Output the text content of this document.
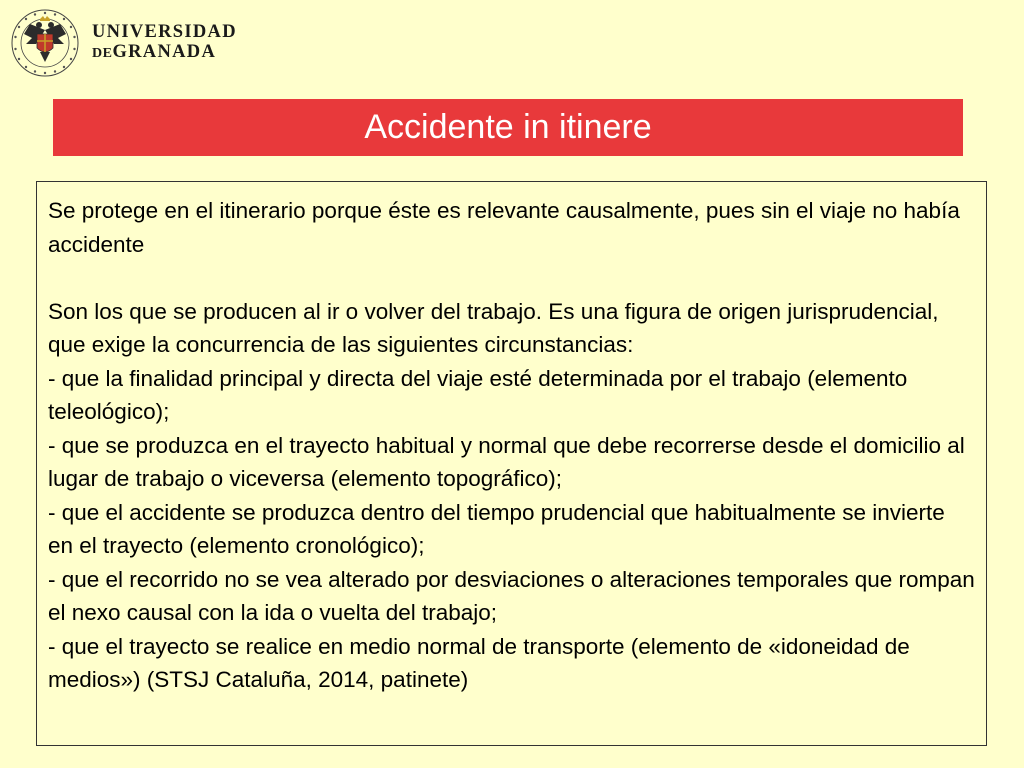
UNIVERSIDAD
DEGRANADA
Accidente in itinere

Se protege en el itinerario porque éste es relevante causalmente, pues sin el viaje no había accidente

Son los que se producen al ir o volver del trabajo. Es una figura de origen jurisprudencial, que exige la concurrencia de las siguientes circunstancias:

- que la finalidad principal y directa del viaje esté determinada por el trabajo (elemento teleológico);

- que se produzca en el trayecto habitual y normal que debe recorrerse desde el domicilio al lugar de trabajo o viceversa (elemento topográfico);

- que el accidente se produzca dentro del tiempo prudencial que habitualmente se invierte en el trayecto (elemento cronológico);

- que el recorrido no se vea alterado por desviaciones o alteraciones temporales que rompan el nexo causal con la ida o vuelta del trabajo;

- que el trayecto se realice en medio normal de transporte (elemento de «idoneidad de medios») (STSJ Cataluña, 2014, patinete)
